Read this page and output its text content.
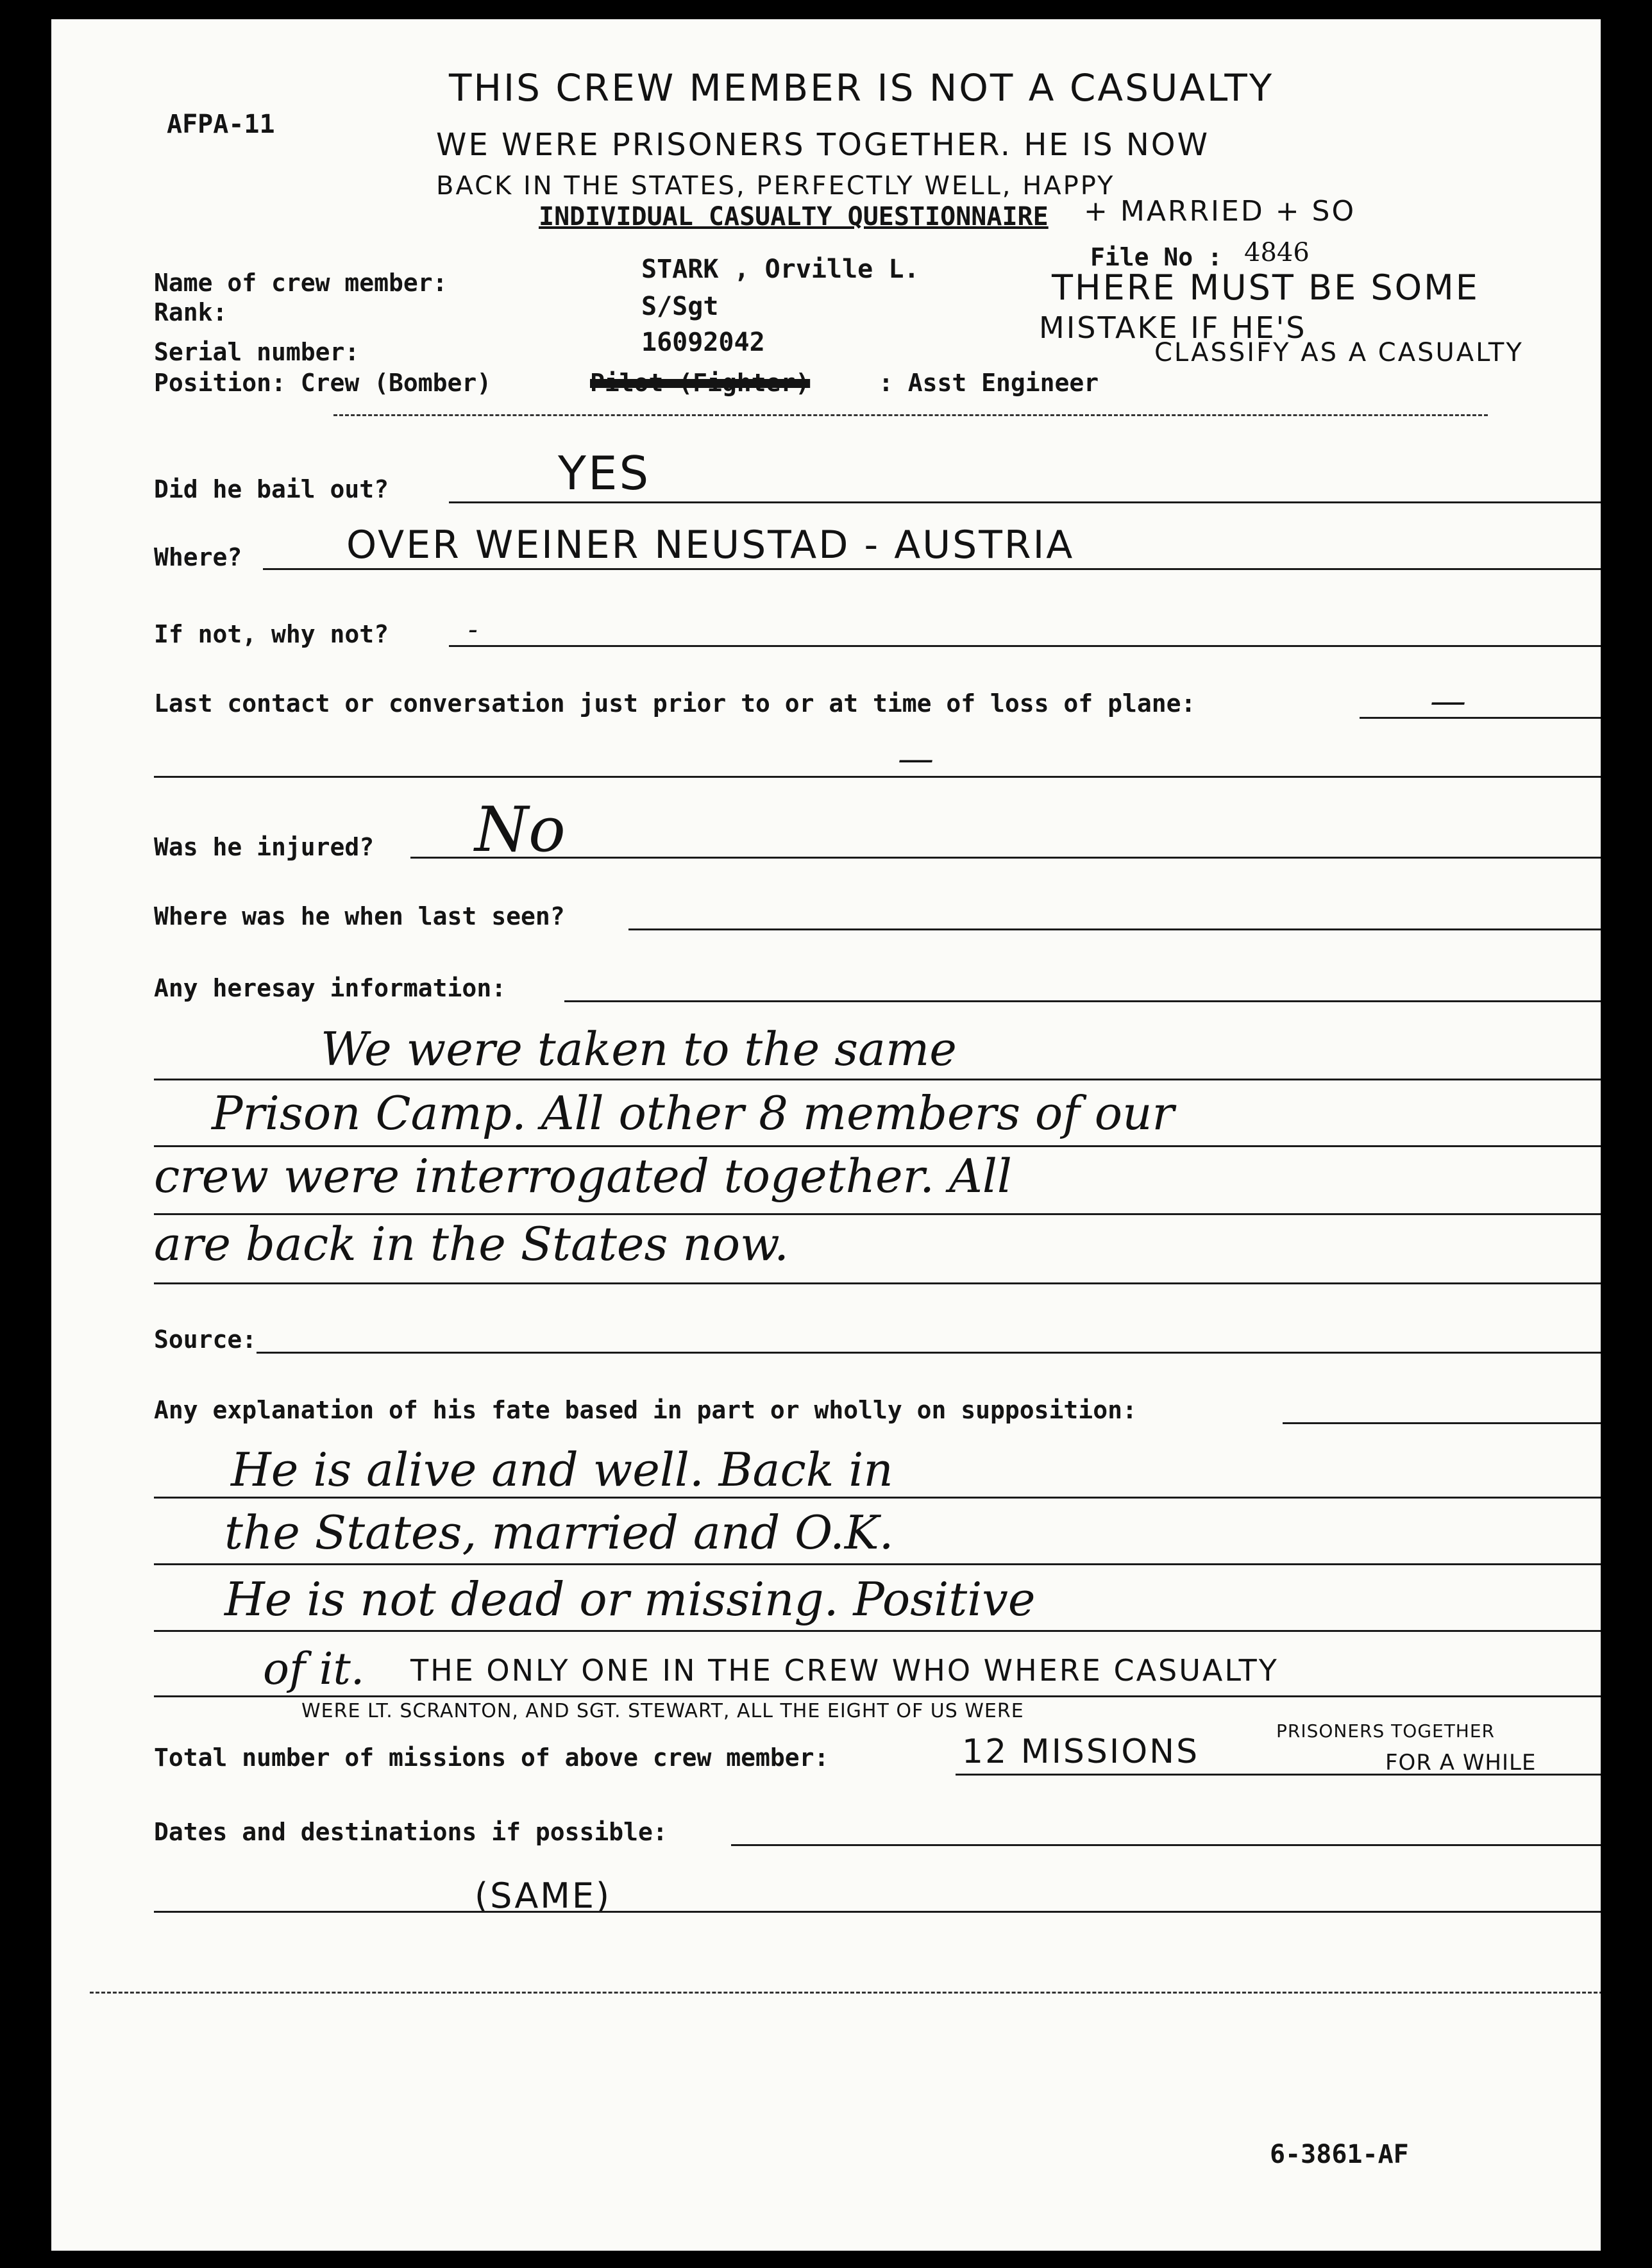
AFPA-11
THIS CREW MEMBER IS NOT A CASUALTY
WE WERE PRISONERS TOGETHER. HE IS NOW
BACK IN THE STATES, PERFECTLY WELL, HAPPY
INDIVIDUAL CASUALTY QUESTIONNAIRE + MARRIED + SO
File No : 4846
THERE MUST BE SOME
MISTAKE IF HE'S
CLASSIFY AS A CASUALTY
Name of crew member:	STARK , Orville L.
Rank:	S/Sgt
Serial number:	16092042
Position: Crew (Bomber)	Pilot (Fighter)	: Asst Engineer
Did he bail out?	YES
Where?	OVER WEINER NEUSTAD - AUSTRIA
If not, why not?	-
Last contact or conversation just prior to or at time of loss of plane:	—
—
Was he injured? No
Where was he when last seen?
Any heresay information:
We were taken to the same
Prison Camp. All other 8 members of our
crew were interrogated together. All
are back in the States now.
Source:
Any explanation of his fate based in part or wholly on supposition:
He is alive and well. Back in
the States, married and O.K.
He is not dead or missing. Positive
of it. THE ONLY ONE IN THE CREW WHO WHERE CASUALTY
WERE LT. SCRANTON, AND SGT. STEWART, ALL THE EIGHT OF US WERE
Total number of missions of above crew member:
PRISONERS TOGETHER
12 MISSIONS	FOR A WHILE
Dates and destinations if possible:
(SAME)
6-3861-AF
